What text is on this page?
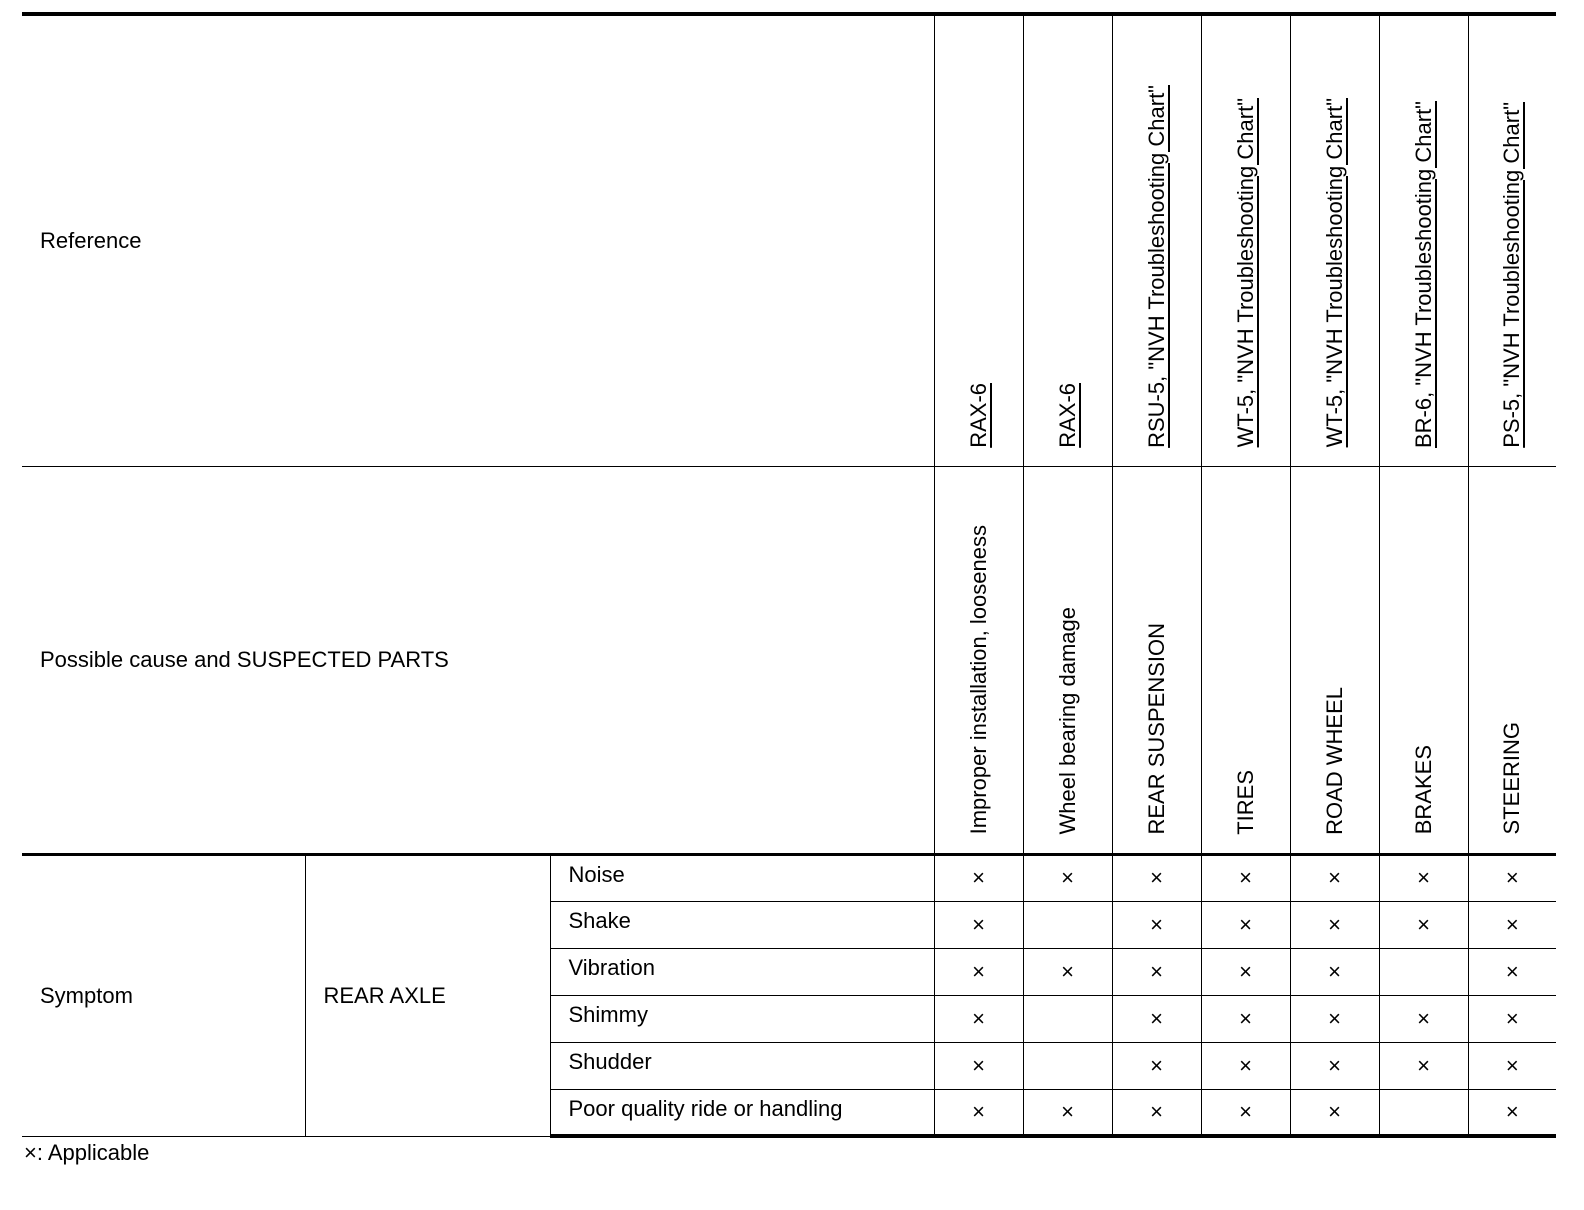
Reference			RAX-6	RAX-6	RSU-5, "NVH Troubleshooting Chart"	WT-5, "NVH Troubleshooting Chart"	WT-5, "NVH Troubleshooting Chart"	BR-6, "NVH Troubleshooting Chart"	PS-5, "NVH Troubleshooting Chart"

Possible cause and SUSPECTED PARTS			Improper installation, looseness	Wheel bearing damage	REAR SUSPENSION	TIRES	ROAD WHEEL	BRAKES	STEERING

Symptom	REAR AXLE	Noise	×	×	×	×	×	×	×
		Shake	×		×	×	×	×	×
		Vibration	×	×	×	×	×		×
		Shimmy	×		×	×	×	×	×
		Shudder	×		×	×	×	×	×
		Poor quality ride or handling	×	×	×	×	×		×
×: Applicable
